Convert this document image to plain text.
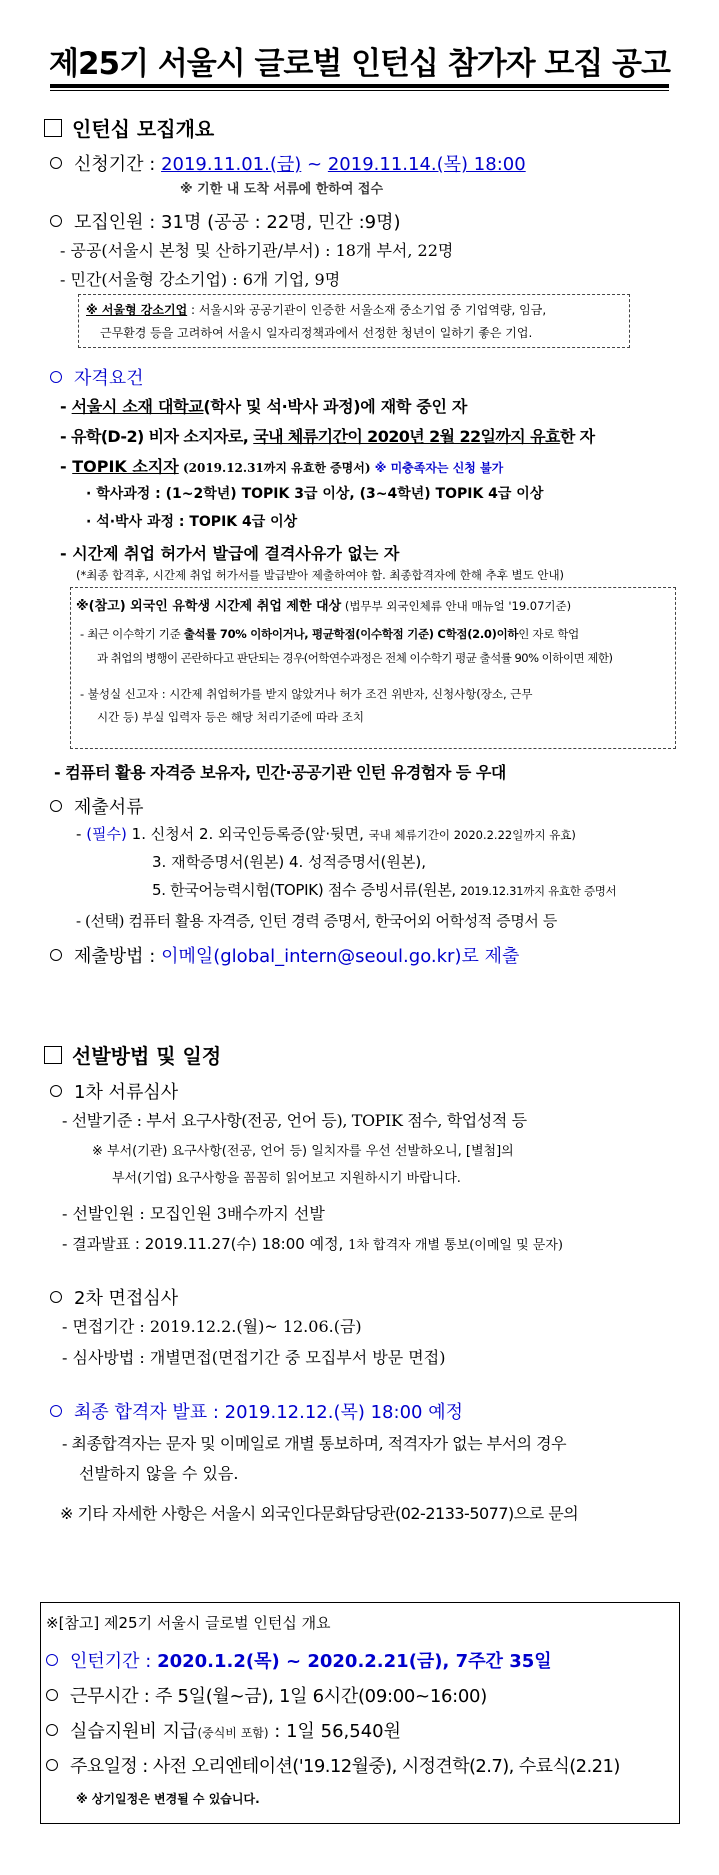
제25기 서울시 글로벌 인턴십 참가자 모집 공고
인턴십 모집개요
신청기간 : 2019.11.01.(금) ~ 2019.11.14.(목) 18:00
※ 기한 내 도착 서류에 한하여 접수
모집인원 : 31명 (공공 : 22명, 민간 :9명)
- 공공(서울시 본청 및 산하기관/부서) : 18개 부서, 22명
- 민간(서울형 강소기업) : 6개 기업, 9명
※ 서울형 강소기업 : 서울시와 공공기관이 인증한 서울소재 중소기업 중 기업역량, 임금,
근무환경 등을 고려하여 서울시 일자리정책과에서 선정한 청년이 일하기 좋은 기업.
자격요건
- 서울시 소재 대학교(학사 및 석·박사 과정)에 재학 중인 자
- 유학(D-2) 비자 소지자로, 국내 체류기간이 2020년 2월 22일까지 유효한 자
- TOPIK 소지자 (2019.12.31까지 유효한 증명서) ※ 미충족자는 신청 불가
· 학사과정 : (1~2학년) TOPIK 3급 이상, (3~4학년) TOPIK 4급 이상
· 석·박사 과정 : TOPIK 4급 이상
- 시간제 취업 허가서 발급에 결격사유가 없는 자
(*최종 합격후, 시간제 취업 허가서를 발급받아 제출하여야 함. 최종합격자에 한해 추후 별도 안내)
※(참고) 외국인 유학생 시간제 취업 제한 대상 (법무부 외국인체류 안내 매뉴얼 '19.07기준)
- 최근 이수학기 기준 출석률 70% 이하이거나, 평균학점(이수학점 기준) C학점(2.0)이하인 자로 학업
과 취업의 병행이 곤란하다고 판단되는 경우(어학연수과정은 전체 이수학기 평균 출석률 90% 이하이면 제한)
- 불성실 신고자 : 시간제 취업허가를 받지 않았거나 허가 조건 위반자, 신청사항(장소, 근무
시간 등) 부실 입력자 등은 해당 처리기준에 따라 조치
- 컴퓨터 활용 자격증 보유자, 민간·공공기관 인턴 유경험자 등 우대
제출서류
- (필수) 1. 신청서 2. 외국인등록증(앞·뒷면, 국내 체류기간이 2020.2.22일까지 유효)
3. 재학증명서(원본) 4. 성적증명서(원본),
5. 한국어능력시험(TOPIK) 점수 증빙서류(원본, 2019.12.31까지 유효한 증명서
- (선택) 컴퓨터 활용 자격증, 인턴 경력 증명서, 한국어외 어학성적 증명서 등
제출방법 : 이메일(global_intern@seoul.go.kr)로 제출
선발방법 및 일정
1차 서류심사
- 선발기준 : 부서 요구사항(전공, 언어 등), TOPIK 점수, 학업성적 등
※ 부서(기관) 요구사항(전공, 언어 등) 일치자를 우선 선발하오니, [별첨]의
부서(기업) 요구사항을 꼼꼼히 읽어보고 지원하시기 바랍니다.
- 선발인원 : 모집인원 3배수까지 선발
- 결과발표 : 2019.11.27(수) 18:00 예정, 1차 합격자 개별 통보(이메일 및 문자)
2차 면접심사
- 면접기간 : 2019.12.2.(월)~ 12.06.(금)
- 심사방법 : 개별면접(면접기간 중 모집부서 방문 면접)
최종 합격자 발표 : 2019.12.12.(목) 18:00 예정
- 최종합격자는 문자 및 이메일로 개별 통보하며, 적격자가 없는 부서의 경우
선발하지 않을 수 있음.
※ 기타 자세한 사항은 서울시 외국인다문화담당관(02-2133-5077)으로 문의
※[참고] 제25기 서울시 글로벌 인턴십 개요
인턴기간 : 2020.1.2(목) ~ 2020.2.21(금), 7주간 35일
근무시간 : 주 5일(월~금), 1일 6시간(09:00~16:00)
실습지원비 지급(중식비 포함) : 1일 56,540원
주요일정 : 사전 오리엔테이션('19.12월중), 시정견학(2.7), 수료식(2.21)
※ 상기일정은 변경될 수 있습니다.
